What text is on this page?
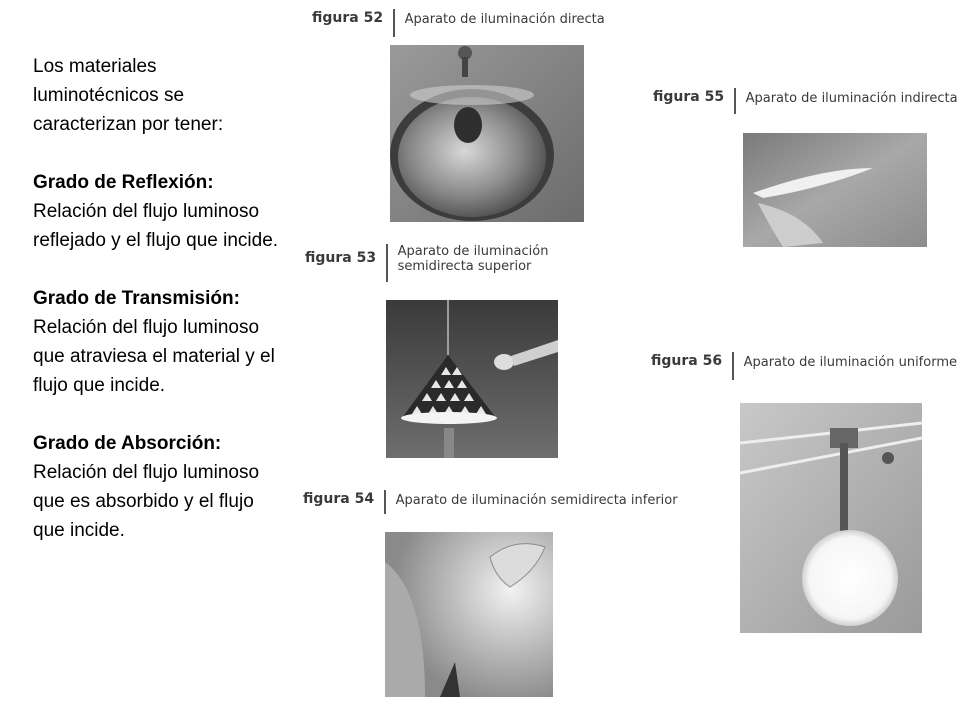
Los materiales luminotécnicos se caracterizan por tener:

Grado de Reflexión: Relación del flujo luminoso reflejado y el flujo que incide.

Grado de Transmisión: Relación del flujo luminoso que atraviesa el material y el flujo que incide.

Grado de Absorción: Relación del flujo luminoso que es absorbido y el flujo que incide.

figura 52	Aparato de iluminación directa
figura 53	Aparato de iluminación semidirecta superior
figura 54	Aparato de iluminación semidirecta inferior
figura 55	Aparato de iluminación indirecta
figura 56	Aparato de iluminación uniforme
